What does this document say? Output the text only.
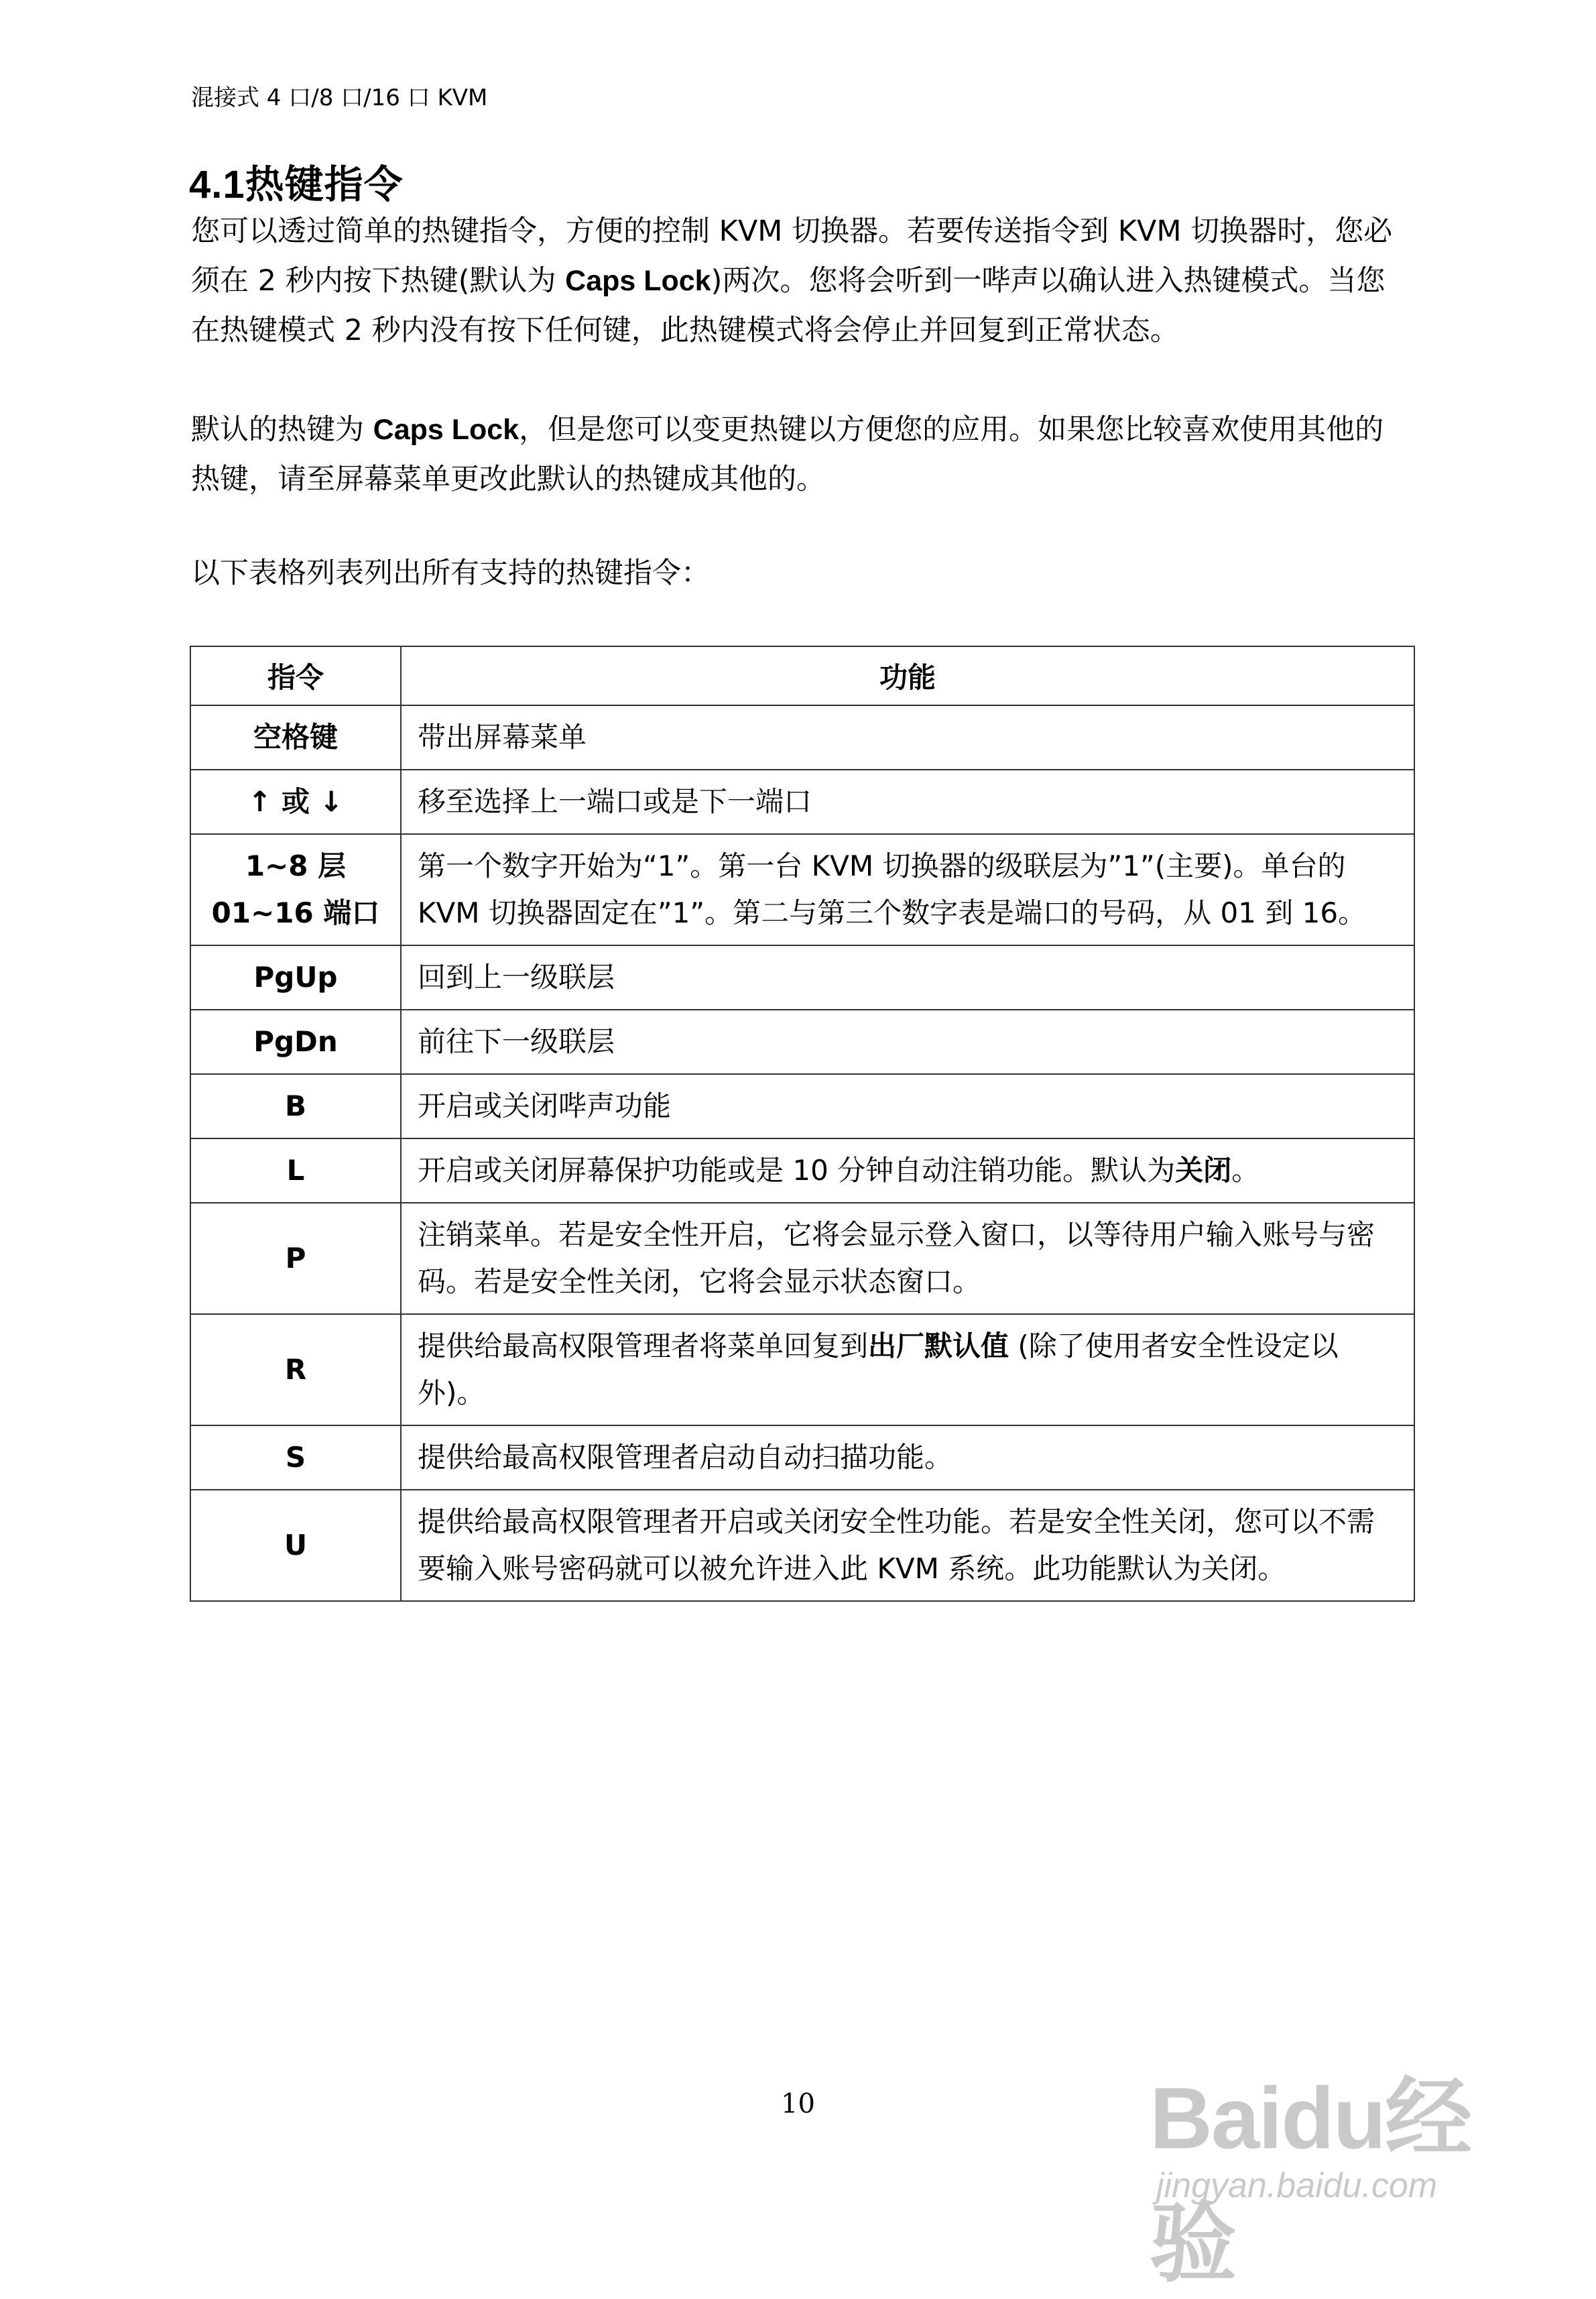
混接式 4 口/8 口/16 口 KVM
4.1热键指令

您可以透过简单的热键指令，方便的控制 KVM 切换器。若要传送指令到 KVM 切换器时，您必须在 2 秒内按下热键(默认为 Caps Lock)两次。您将会听到一哔声以确认进入热键模式。当您在热键模式 2 秒内没有按下任何键，此热键模式将会停止并回复到正常状态。

默认的热键为 Caps Lock，但是您可以变更热键以方便您的应用。如果您比较喜欢使用其他的热键，请至屏幕菜单更改此默认的热键成其他的。

以下表格列表列出所有支持的热键指令：
指令	功能

空格键	带出屏幕菜单

↑ 或 ↓	移至选择上一端口或是下一端口

1~8 层
01~16 端口	第一个数字开始为“1”。第一台 KVM 切换器的级联层为”1”(主要)。单台的 KVM 切换器固定在”1”。第二与第三个数字表是端口的号码，从 01 到 16。

PgUp	回到上一级联层

PgDn	前往下一级联层

B	开启或关闭哔声功能

L	开启或关闭屏幕保护功能或是 10 分钟自动注销功能。默认为关闭。

P	注销菜单。若是安全性开启，它将会显示登入窗口，以等待用户输入账号与密码。若是安全性关闭，它将会显示状态窗口。

R	提供给最高权限管理者将菜单回复到出厂默认值 (除了使用者安全性设定以外)。

S	提供给最高权限管理者启动自动扫描功能。

U	提供给最高权限管理者开启或关闭安全性功能。若是安全性关闭，您可以不需要输入账号密码就可以被允许进入此 KVM 系统。此功能默认为关闭。
10	Baidu经验
jingyan.baidu.com
